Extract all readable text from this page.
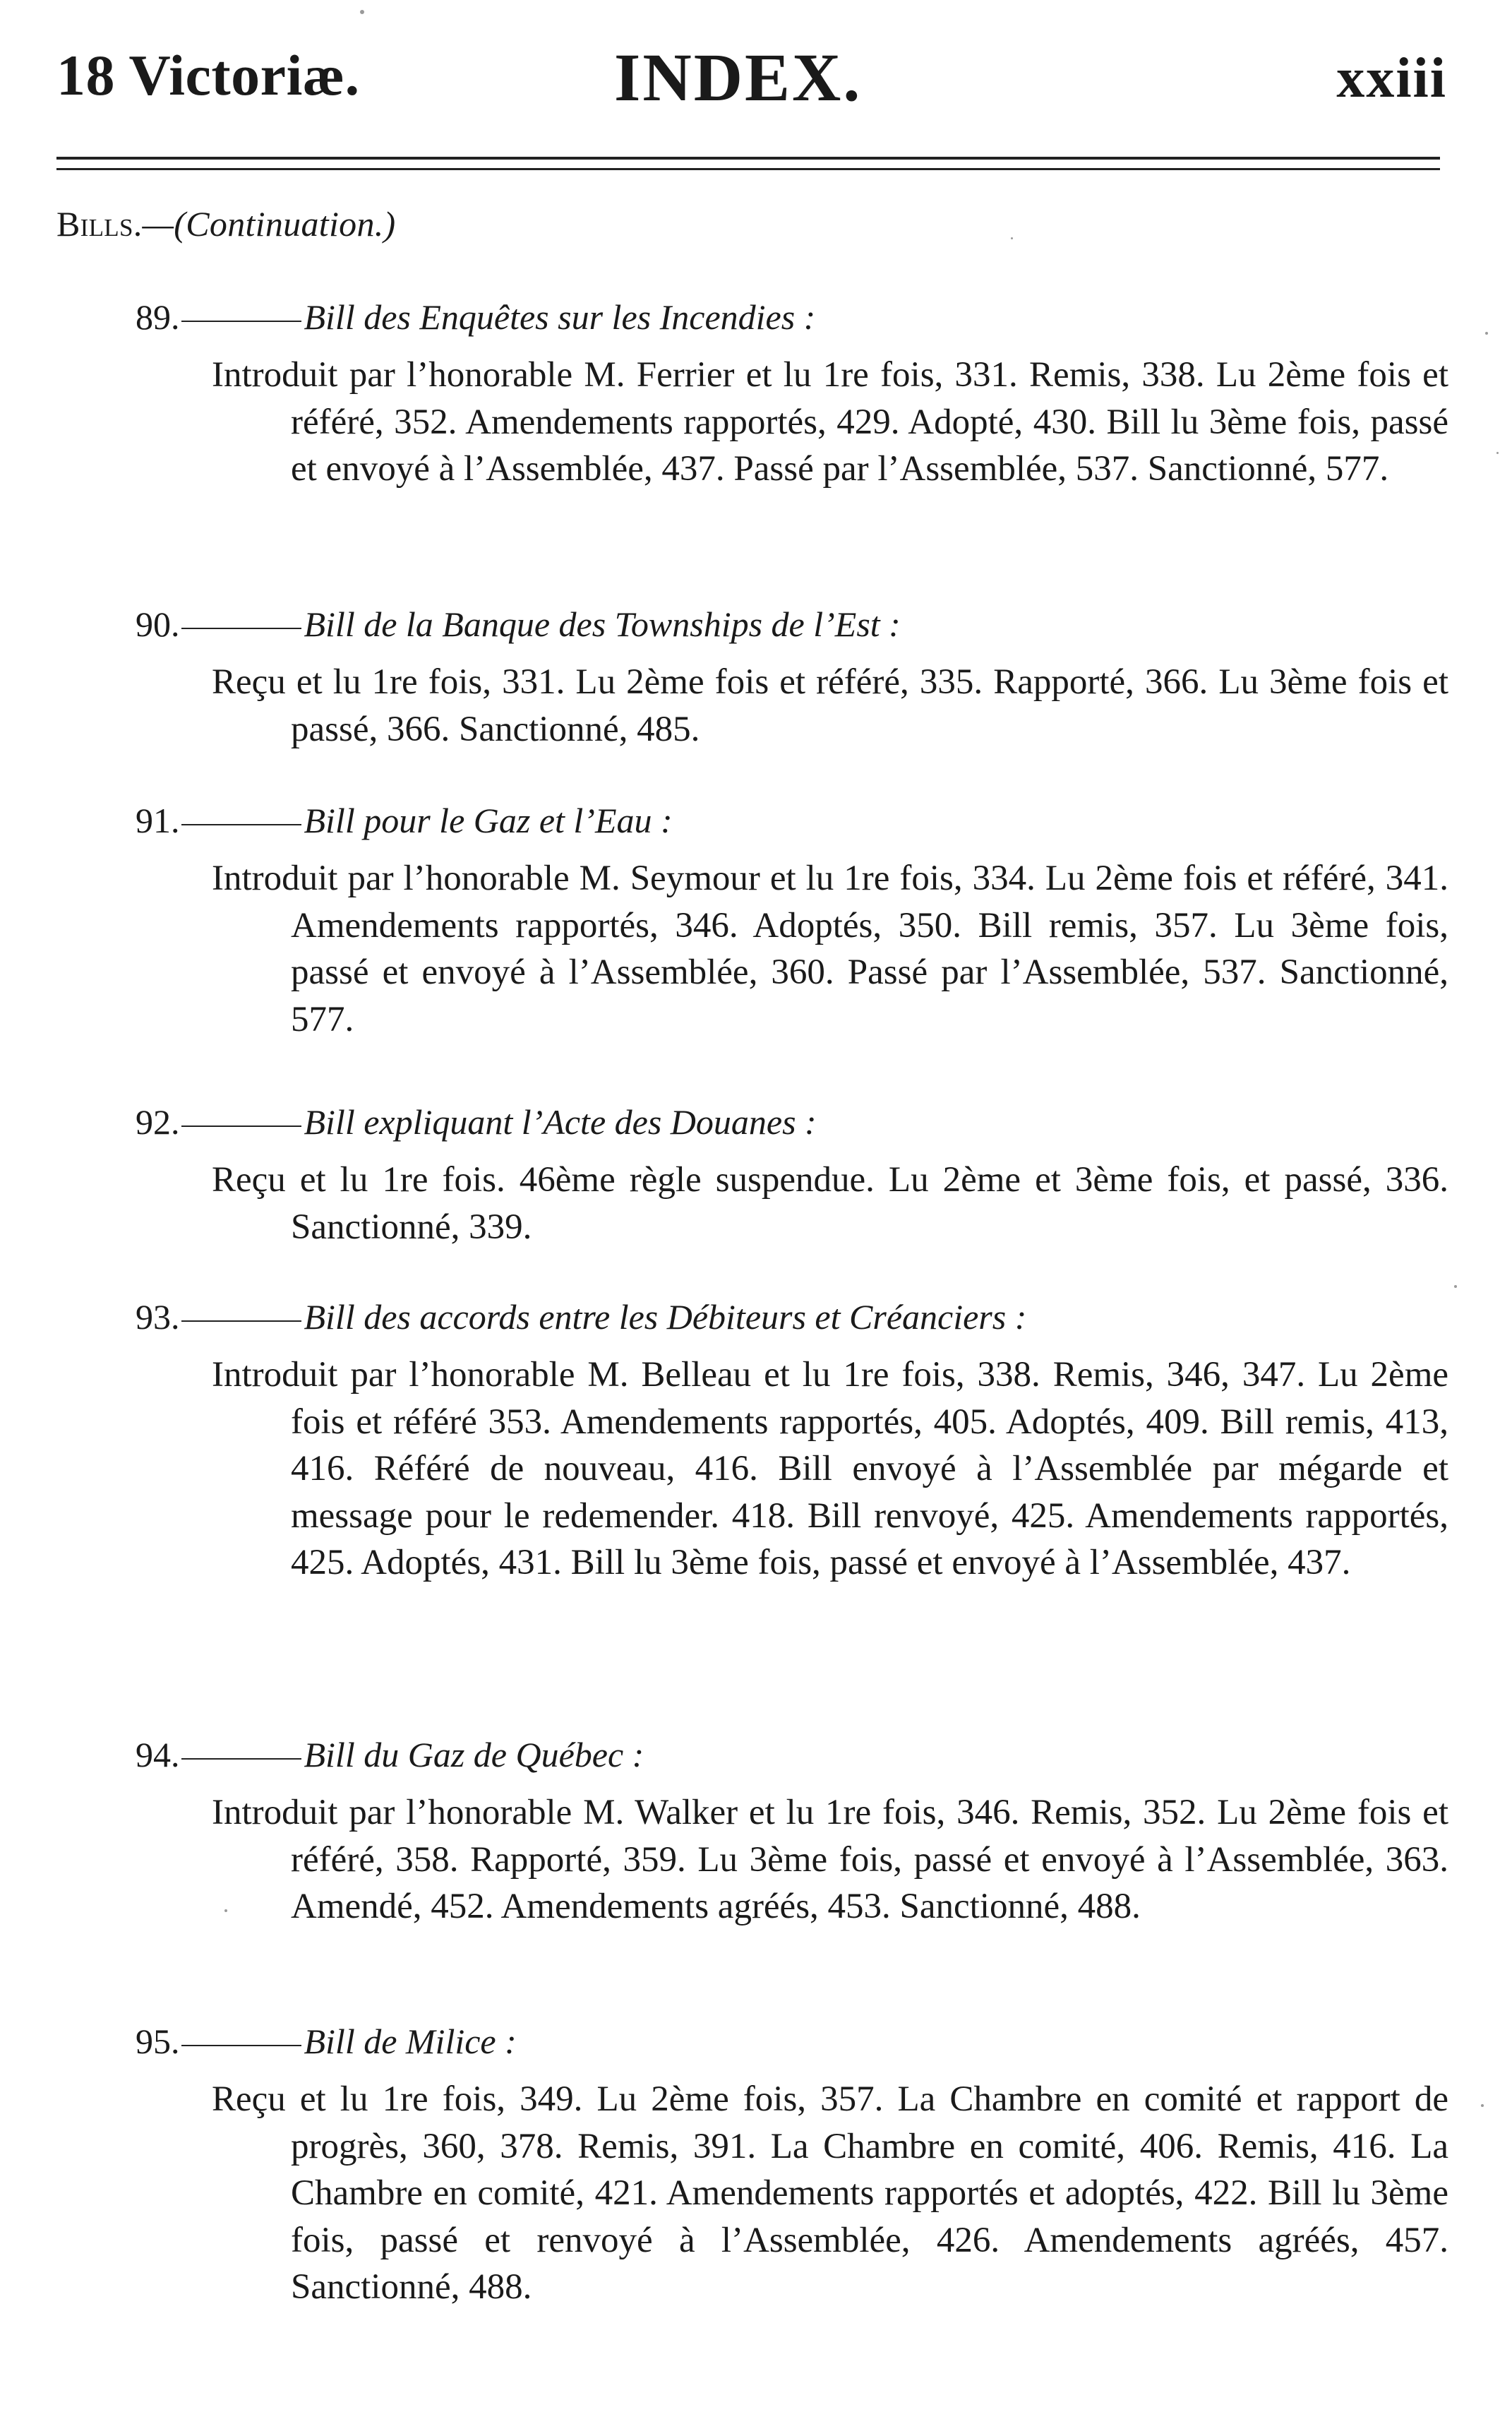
18 Victoriæ.	INDEX.	xxiii
Bills.—(Continuation.)
89.	Bill des Enquêtes sur les Incendies :
Introduit par l’honorable M. Ferrier et lu 1re fois, 331. Remis, 338. Lu 2ème fois et référé, 352. Amendements rapportés, 429. Adopté, 430. Bill lu 3ème fois, passé et envoyé à l’Assemblée, 437. Passé par l’Assemblée, 537. Sanctionné, 577.
90.	Bill de la Banque des Townships de l’Est :
Reçu et lu 1re fois, 331. Lu 2ème fois et référé, 335. Rapporté, 366. Lu 3ème fois et passé, 366. Sanctionné, 485.
91.	Bill pour le Gaz et l’Eau :
Introduit par l’honorable M. Seymour et lu 1re fois, 334. Lu 2ème fois et référé, 341. Amendements rapportés, 346. Adoptés, 350. Bill remis, 357. Lu 3ème fois, passé et envoyé à l’Assemblée, 360. Passé par l’Assemblée, 537. Sanctionné, 577.
92.	Bill expliquant l’Acte des Douanes :
Reçu et lu 1re fois. 46ème règle suspendue. Lu 2ème et 3ème fois, et passé, 336. Sanctionné, 339.
93.	Bill des accords entre les Débiteurs et Créanciers :
Introduit par l’honorable M. Belleau et lu 1re fois, 338. Remis, 346, 347. Lu 2ème fois et référé 353. Amendements rapportés, 405. Adoptés, 409. Bill remis, 413, 416. Référé de nouveau, 416. Bill envoyé à l’Assemblée par mégarde et message pour le redemender. 418. Bill renvoyé, 425. Amendements rapportés, 425. Adoptés, 431. Bill lu 3ème fois, passé et envoyé à l’Assemblée, 437.
94.	Bill du Gaz de Québec :
Introduit par l’honorable M. Walker et lu 1re fois, 346. Remis, 352. Lu 2ème fois et référé, 358. Rapporté, 359. Lu 3ème fois, passé et envoyé à l’Assemblée, 363. Amendé, 452. Amendements agréés, 453. Sanctionné, 488.
95.	Bill de Milice :
Reçu et lu 1re fois, 349. Lu 2ème fois, 357. La Chambre en comité et rapport de progrès, 360, 378. Remis, 391. La Chambre en comité, 406. Remis, 416. La Chambre en comité, 421. Amendements rapportés et adoptés, 422. Bill lu 3ème fois, passé et renvoyé à l’Assemblée, 426. Amendements agréés, 457. Sanctionné, 488.
